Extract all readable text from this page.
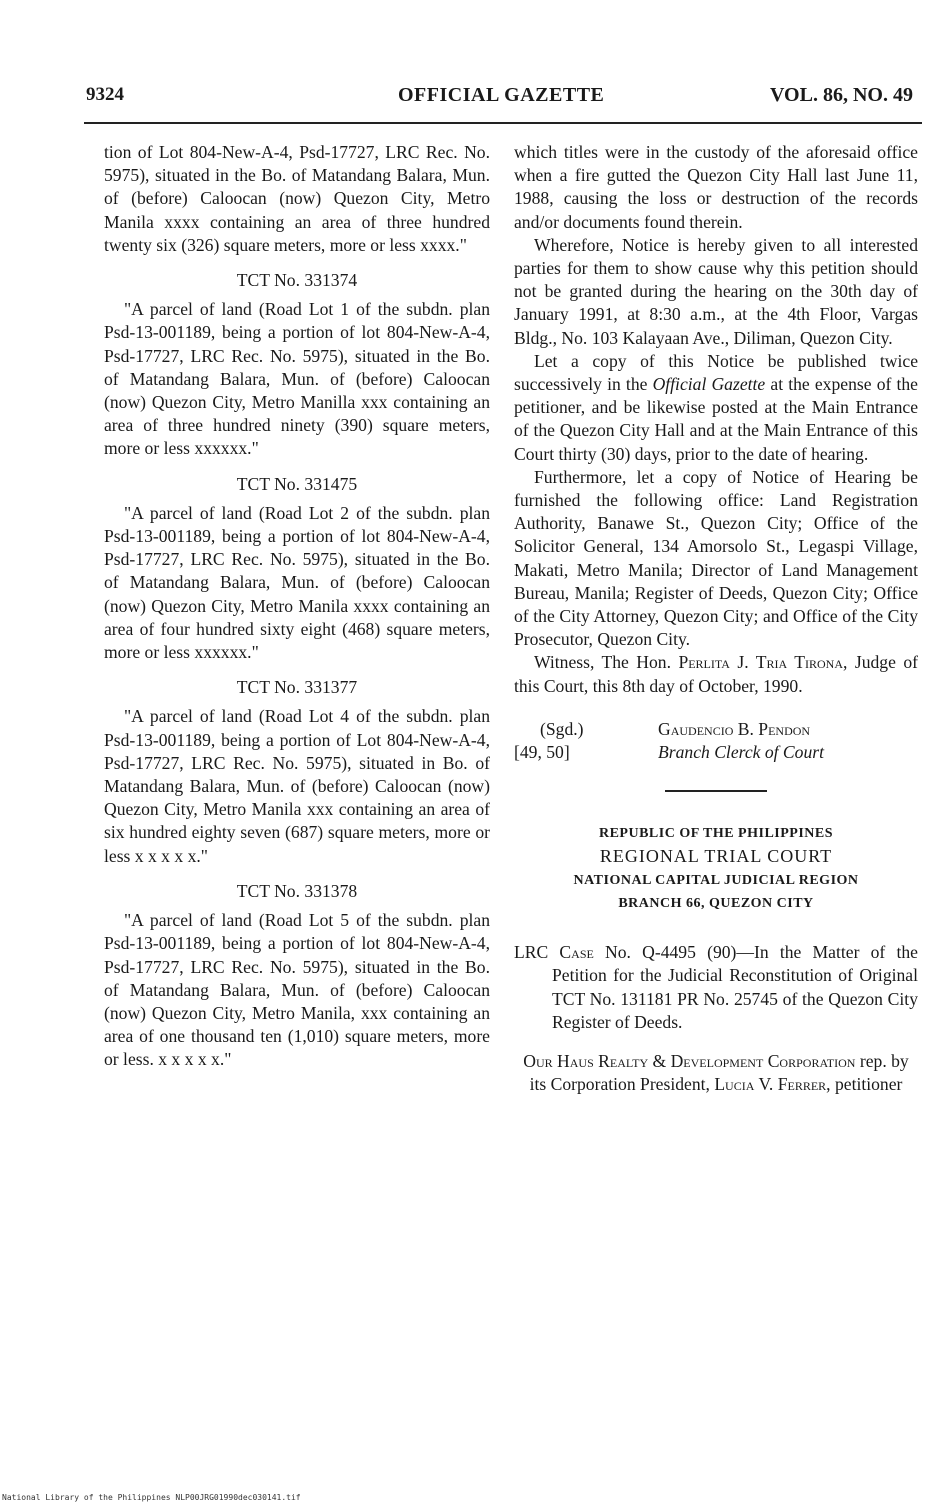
9324	OFFICIAL GAZETTE	VOL. 86, NO. 49

tion of Lot 804-New-A-4, Psd-17727, LRC Rec. No. 5975), situated in the Bo. of Matandang Balara, Mun. of (before) Caloocan (now) Quezon City, Metro Manila xxxx containing an area of three hundred twenty six (326) square meters, more or less xxxx."

TCT No. 331374

"A parcel of land (Road Lot 1 of the subdn. plan Psd-13-001189, being a portion of lot 804-New-A-4, Psd-17727, LRC Rec. No. 5975), situated in the Bo. of Matandang Balara, Mun. of (before) Caloocan (now) Quezon City, Metro Manilla xxx containing an area of three hundred ninety (390) square meters, more or less xxxxxx."

TCT No. 331475

"A parcel of land (Road Lot 2 of the subdn. plan Psd-13-001189, being a portion of lot 804-New-A-4, Psd-17727, LRC Rec. No. 5975), situated in the Bo. of Matandang Balara, Mun. of (before) Caloocan (now) Quezon City, Metro Manila xxxx containing an area of four hundred sixty eight (468) square meters, more or less xxxxxx."

TCT No. 331377

"A parcel of land (Road Lot 4 of the subdn. plan Psd-13-001189, being a portion of Lot 804-New-A-4, Psd-17727, LRC Rec. No. 5975), situated in Bo. of Matandang Balara, Mun. of (before) Caloocan (now) Quezon City, Metro Manila xxx containing an area of six hundred eighty seven (687) square meters, more or less x x x x x."

TCT No. 331378

"A parcel of land (Road Lot 5 of the subdn. plan Psd-13-001189, being a portion of lot 804-New-A-4, Psd-17727, LRC Rec. No. 5975), situated in the Bo. of Matandang Balara, Mun. of (before) Caloocan (now) Quezon City, Metro Manila, xxx containing an area of one thousand ten (1,010) square meters, more or less. x x x x x."

which titles were in the custody of the aforesaid office when a fire gutted the Quezon City Hall last June 11, 1988, causing the loss or destruction of the records and/or documents found therein.

Wherefore, Notice is hereby given to all interested parties for them to show cause why this petition should not be granted during the hearing on the 30th day of January 1991, at 8:30 a.m., at the 4th Floor, Vargas Bldg., No. 103 Kalayaan Ave., Diliman, Quezon City.

Let a copy of this Notice be published twice successively in the Official Gazette at the expense of the petitioner, and be likewise posted at the Main Entrance of the Quezon City Hall and at the Main Entrance of this Court thirty (30) days, prior to the date of hearing.

Furthermore, let a copy of Notice of Hearing be furnished the following office: Land Registration Authority, Banawe St., Quezon City; Office of the Solicitor General, 134 Amorsolo St., Legaspi Village, Makati, Metro Manila; Director of Land Management Bureau, Manila; Register of Deeds, Quezon City; Office of the City Attorney, Quezon City; and Office of the City Prosecutor, Quezon City.

Witness, The Hon. Perlita J. Tria Tirona, Judge of this Court, this 8th day of October, 1990.

(Sgd.)	Gaudencio B. Pendon
[49, 50]	Branch Clerck of Court
REPUBLIC OF THE PHILIPPINES
REGIONAL TRIAL COURT
NATIONAL CAPITAL JUDICIAL REGION
BRANCH 66, QUEZON CITY

LRC Case No. Q-4495 (90)—In the Matter of the Petition for the Judicial Reconstitution of Original TCT No. 131181 PR No. 25745 of the Quezon City Register of Deeds.

Our Haus Realty & Development Corporation rep. by its Corporation President, Lucia V. Ferrer, petitioner

National Library of the Philippines NLP00JRG01990dec030141.tif
